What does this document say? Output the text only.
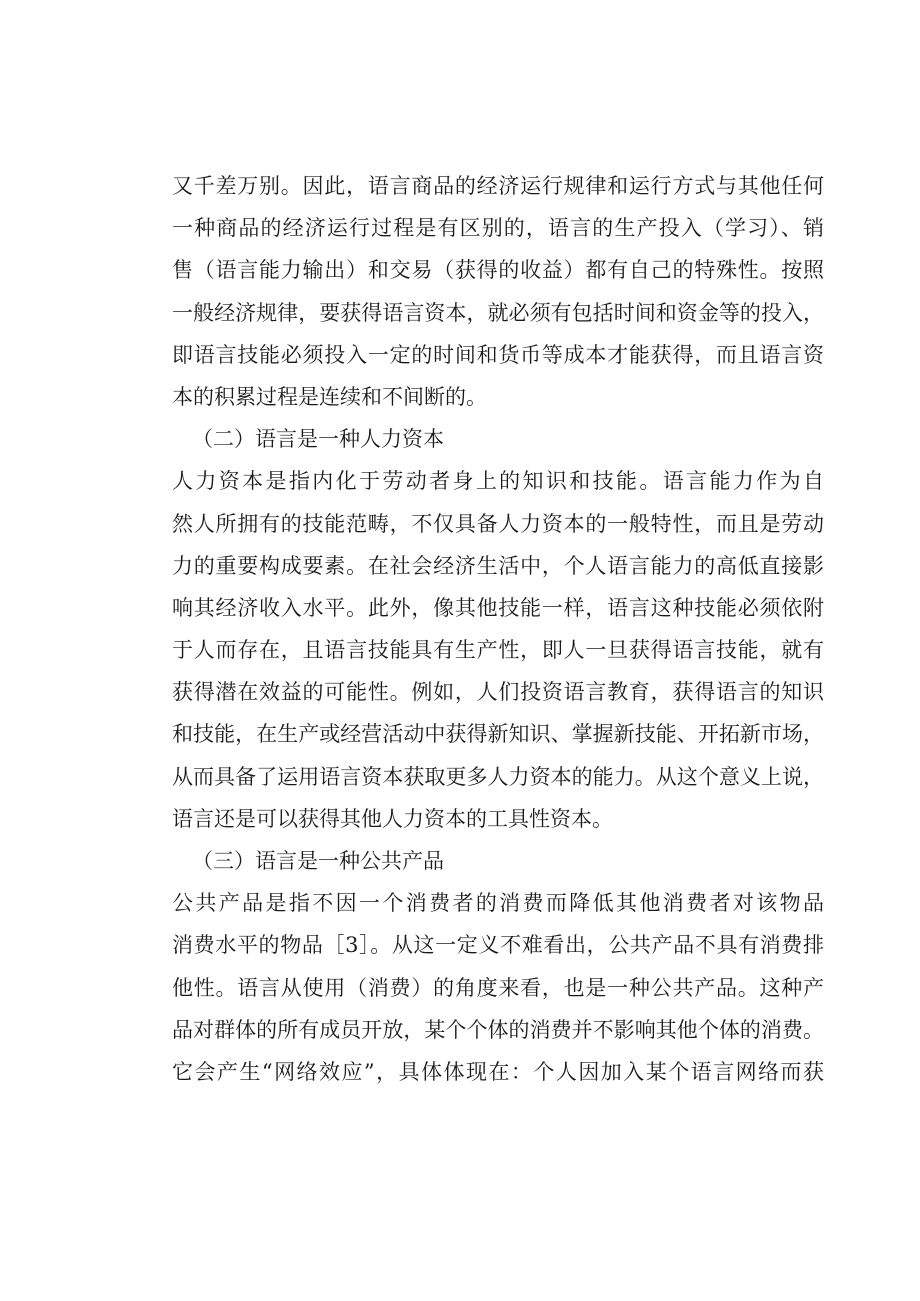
又千差万别。因此，语言商品的经济运行规律和运行方式与其他任何
一种商品的经济运行过程是有区别的，语言的生产投入（学习）、销
售（语言能力输出）和交易（获得的收益）都有自己的特殊性。按照
一般经济规律，要获得语言资本，就必须有包括时间和资金等的投入，
即语言技能必须投入一定的时间和货币等成本才能获得，而且语言资
本的积累过程是连续和不间断的。
（二）语言是一种人力资本
人力资本是指内化于劳动者身上的知识和技能。语言能力作为自
然人所拥有的技能范畴，不仅具备人力资本的一般特性，而且是劳动
力的重要构成要素。在社会经济生活中，个人语言能力的高低直接影
响其经济收入水平。此外，像其他技能一样，语言这种技能必须依附
于人而存在，且语言技能具有生产性，即人一旦获得语言技能，就有
获得潜在效益的可能性。例如，人们投资语言教育，获得语言的知识
和技能，在生产或经营活动中获得新知识、掌握新技能、开拓新市场，
从而具备了运用语言资本获取更多人力资本的能力。从这个意义上说，
语言还是可以获得其他人力资本的工具性资本。
（三）语言是一种公共产品
公共产品是指不因一个消费者的消费而降低其他消费者对该物品
消费水平的物品［3］。从这一定义不难看出，公共产品不具有消费排
他性。语言从使用（消费）的角度来看，也是一种公共产品。这种产
品对群体的所有成员开放，某个个体的消费并不影响其他个体的消费。
它会产生“网络效应”，具体体现在：个人因加入某个语言网络而获
